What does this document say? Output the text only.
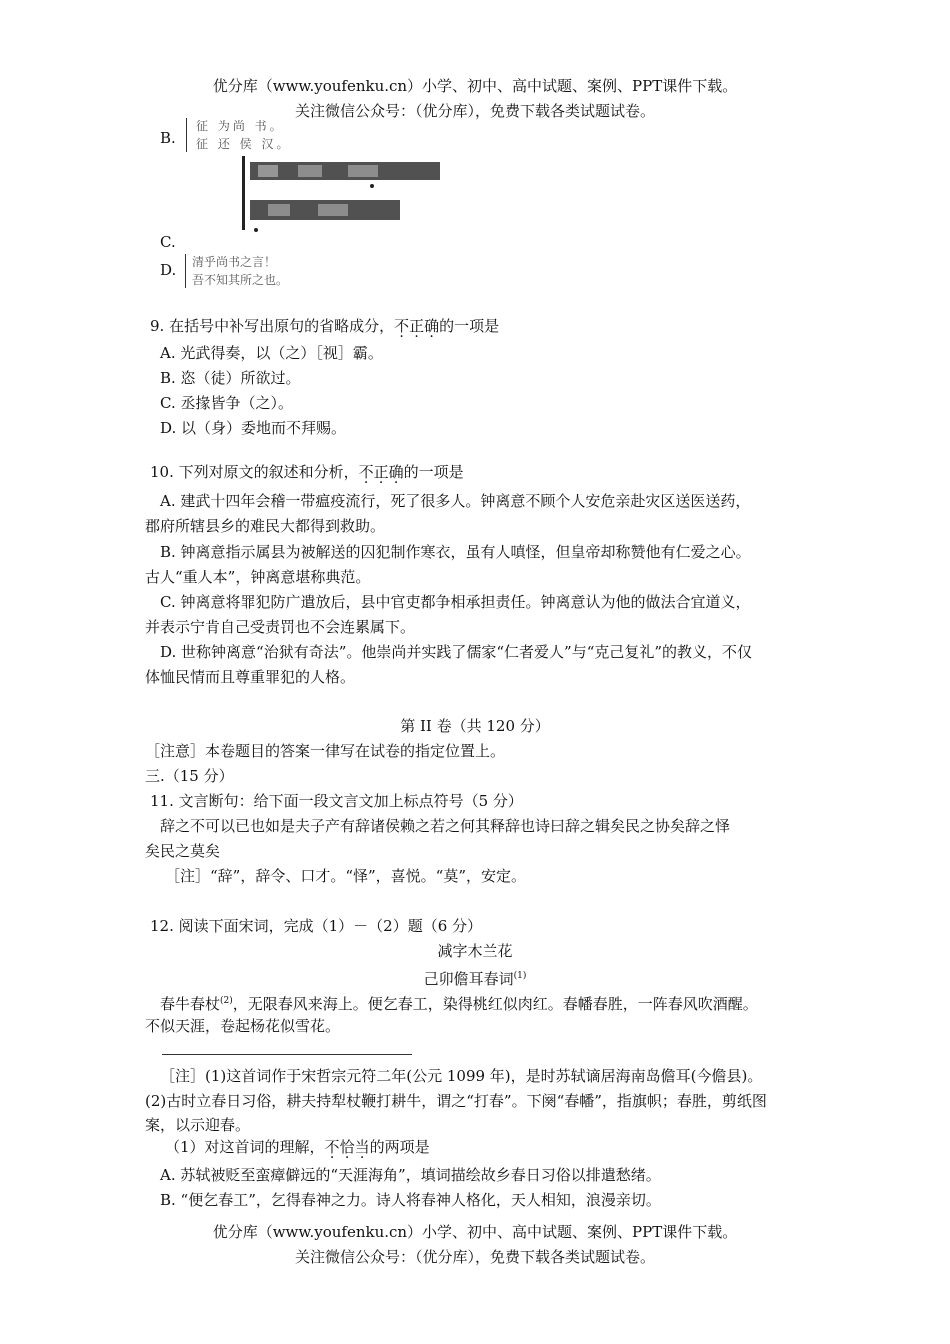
优分库（www.youfenku.cn）小学、初中、高中试题、案例、PPT课件下载。
关注微信公众号：（优分库），免费下载各类试题试卷。
B.
征 为尚 书。
征 还 侯 汉。
C.
D. 清乎尚书之言！
吾不知其所之也。
9. 在括号中补写出原句的省略成分，不正确的一项是
A. 光武得奏，以（之）［视］霸。
B. 恣（徒）所欲过。
C. 丞掾皆争（之）。
D. 以（身）委地而不拜赐。
10. 下列对原文的叙述和分析，不正确的一项是
A. 建武十四年会稽一带瘟疫流行，死了很多人。钟离意不顾个人安危亲赴灾区送医送药，
郡府所辖县乡的难民大都得到救助。
B. 钟离意指示属县为被解送的囚犯制作寒衣，虽有人嗔怪，但皇帝却称赞他有仁爱之心。
古人“重人本”，钟离意堪称典范。
C. 钟离意将罪犯防广遣放后，县中官吏都争相承担责任。钟离意认为他的做法合宜道义，
并表示宁肯自己受责罚也不会连累属下。
D. 世称钟离意“治狱有奇法”。他崇尚并实践了儒家“仁者爱人”与“克己复礼”的教义，不仅
体恤民情而且尊重罪犯的人格。
第 II 卷（共 120 分）
［注意］本卷题目的答案一律写在试卷的指定位置上。
三.（15 分）
11. 文言断句：给下面一段文言文加上标点符号（5 分）
辞之不可以已也如是夫子产有辞诸侯赖之若之何其释辞也诗曰辞之辑矣民之协矣辞之怿
矣民之莫矣
［注］“辞”，辞令、口才。“怿”，喜悦。“莫”，安定。
12. 阅读下面宋词，完成（1）－（2）题（6 分）
减字木兰花
己卯儋耳春词$^{(1)}$
春牛春杖$^{(2)}$，无限春风来海上。便乞春工，染得桃红似肉红。春幡春胜，一阵春风吹酒醒。
不似天涯，卷起杨花似雪花。
［注］(1)这首词作于宋哲宗元符二年(公元 1099 年)，是时苏轼谪居海南岛儋耳(今儋县)。
(2)古时立春日习俗，耕夫持犁杖鞭打耕牛，谓之“打春”。下阕“春幡”，指旗帜；春胜，剪纸图
案，以示迎春。
（1）对这首词的理解，不恰当的两项是
A. 苏轼被贬至蛮瘴僻远的“天涯海角”，填词描绘故乡春日习俗以排遣愁绪。
B. “便乞春工”，乞得春神之力。诗人将春神人格化，天人相知，浪漫亲切。
优分库（www.youfenku.cn）小学、初中、高中试题、案例、PPT课件下载。
关注微信公众号：（优分库），免费下载各类试题试卷。
